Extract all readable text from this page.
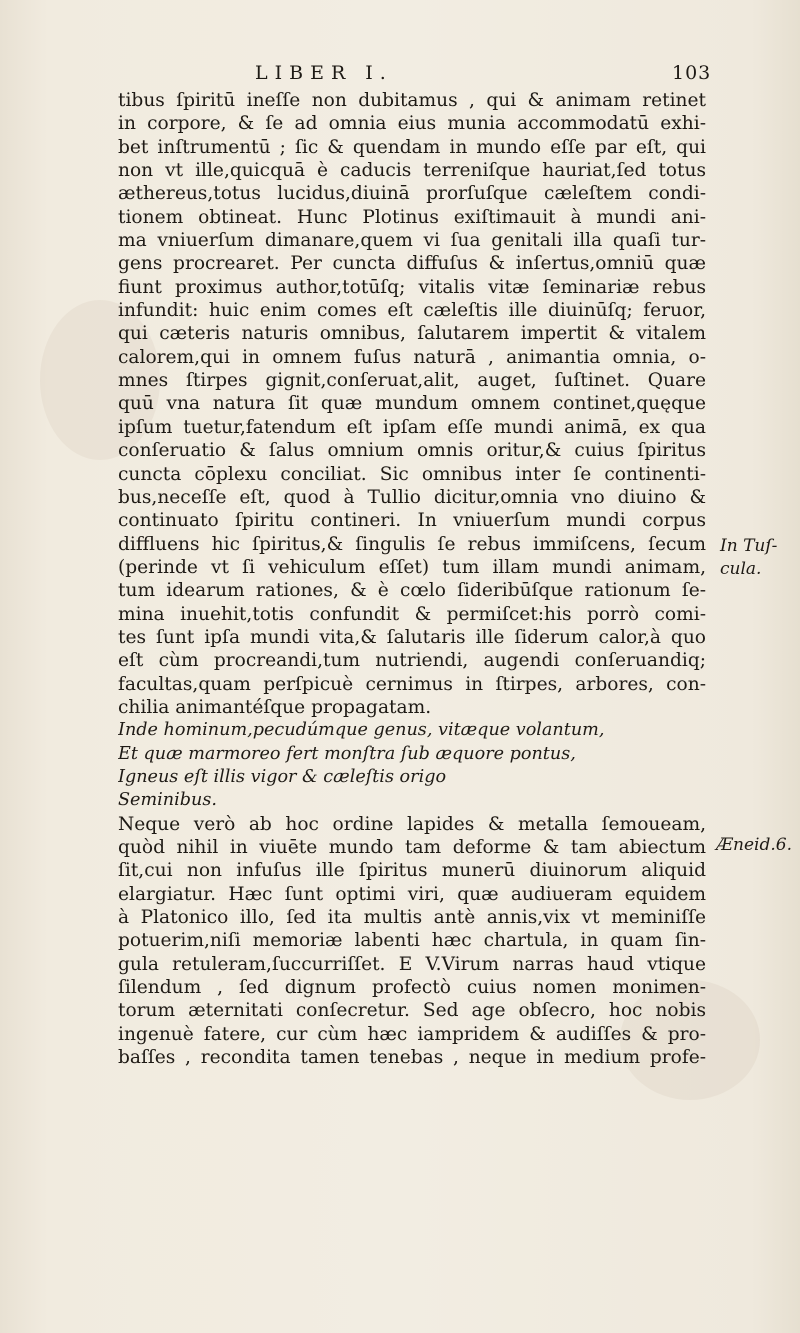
LIBER I.	103
tibus ſpiritū ineſſe non dubitamus , qui & animam retinet
in corpore, & ſe ad omnia eius munia accommodatū exhi-
bet inſtrumentū ; ſic & quendam in mundo eſſe par eſt, qui
non vt ille,quicquā è caducis terreniſque hauriat,ſed totus
æthereus,totus lucidus,diuinā prorſuſque cæleſtem condi-
tionem obtineat. Hunc Plotinus exiſtimauit à mundi ani-
ma vniuerſum dimanare,quem vi ſua genitali illa quaſi tur-
gens procrearet. Per cuncta diffuſus & inſertus,omniū quæ
fiunt proximus author,totūſq; vitalis vitæ ſeminariæ rebus
infundit: huic enim comes eſt cæleſtis ille diuinūſq; feruor,
qui cæteris naturis omnibus, ſalutarem impertit & vitalem
calorem,qui in omnem fuſus naturā , animantia omnia, o-
mnes ſtirpes gignit,conſeruat,alit, auget, ſuſtinet. Quare
quū vna natura ſit quæ mundum omnem continet,quęque
ipſum tuetur,fatendum eſt ipſam eſſe mundi animā, ex qua
conſeruatio & ſalus omnium omnis oritur,& cuius ſpiritus
cuncta cōplexu conciliat. Sic omnibus inter ſe continenti-
bus,neceſſe eſt, quod à Tullio dicitur,omnia vno diuino &
continuato ſpiritu contineri. In vniuerſum mundi corpus
diffluens hic ſpiritus,& ſingulis ſe rebus immiſcens, ſecum
(perinde vt ſi vehiculum eſſet) tum illam mundi animam,
tum idearum rationes, & è cœlo ſideribūſque rationum ſe-
mina inuehit,totis confundit & permiſcet:his porrò comi-
tes ſunt ipſa mundi vita,& ſalutaris ille ſiderum calor,à quo
eſt cùm procreandi,tum nutriendi, augendi conſeruandiq;
facultas,quam perſpicuè cernimus in ſtirpes, arbores, con-
chilia animantéſque propagatam.
Inde hominum,pecudúmque genus, vitæque volantum,
Et quæ marmoreo fert monſtra ſub æquore pontus,
Igneus eſt illis vigor & cæleſtis origo
Seminibus.
Neque verò ab hoc ordine lapides & metalla ſemoueam,
quòd nihil in viuēte mundo tam deforme & tam abiectum
ſit,cui non infuſus ille ſpiritus munerū diuinorum aliquid
elargiatur. Hæc ſunt optimi viri, quæ audiueram equidem
à Platonico illo, ſed ita multis antè annis,vix vt meminiſſe
potuerim,niſi memoriæ labenti hæc chartula, in quam ſin-
gula retuleram,ſuccurriſſet. E V.Virum narras haud vtique
ſilendum , ſed dignum profectò cuius nomen monimen-
torum æternitati conſecretur. Sed age obſecro, hoc nobis
ingenuè fatere, cur cùm hæc iampridem & audiſſes & pro-
baſſes , recondita tamen tenebas , neque in medium profe-
In Tuſ-
cula.
Æneid.6.
